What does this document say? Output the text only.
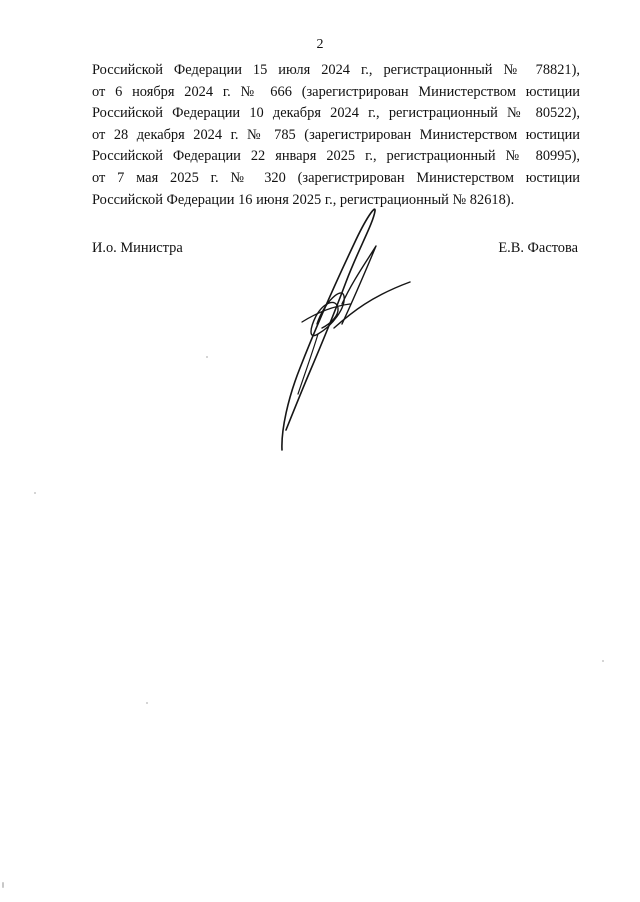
2
Российской Федерации 15 июля 2024 г., регистрационный № 78821),
от 6 ноября 2024 г. № 666 (зарегистрирован Министерством юстиции
Российской Федерации 10 декабря 2024 г., регистрационный № 80522),
от 28 декабря 2024 г. № 785 (зарегистрирован Министерством юстиции
Российской Федерации 22 января 2025 г., регистрационный № 80995),
от 7 мая 2025 г. № 320 (зарегистрирован Министерством юстиции
Российской Федерации 16 июня 2025 г., регистрационный № 82618).
И.о. Министра	Е.В. Фастова
